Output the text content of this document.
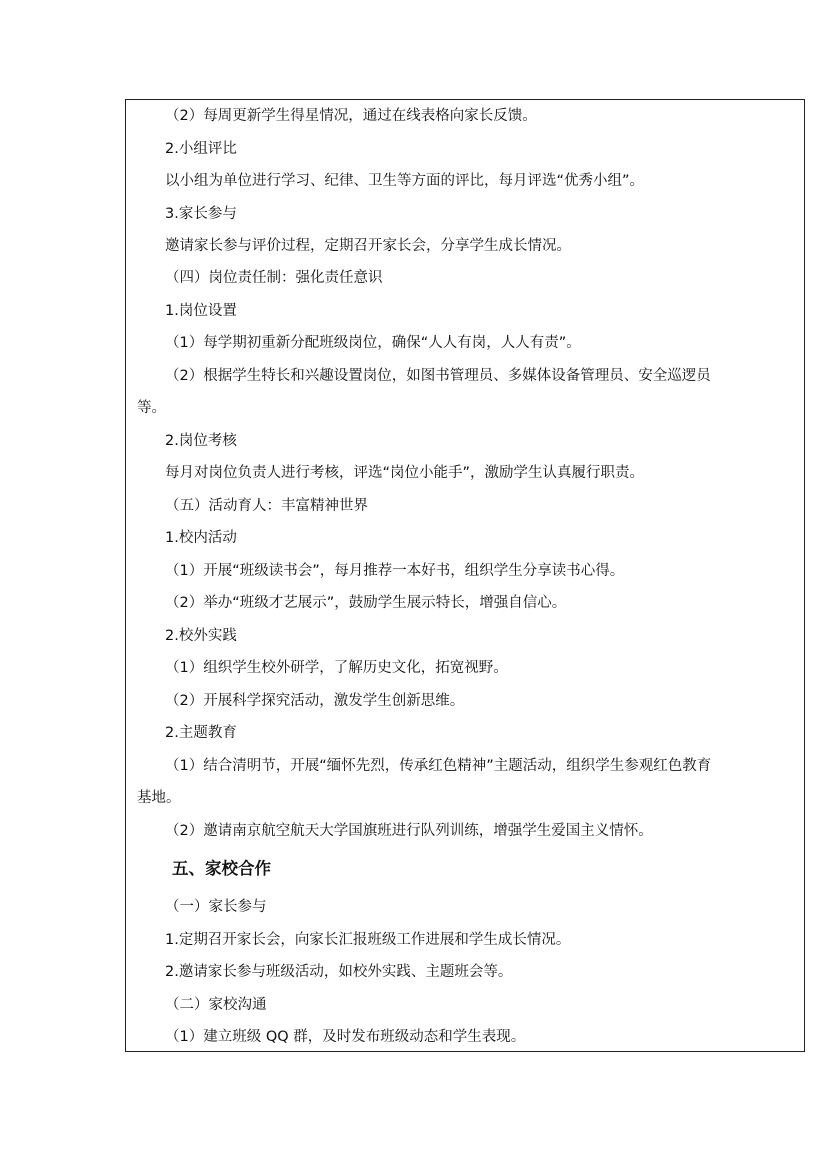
（2）每周更新学生得星情况，通过在线表格向家长反馈。
2.小组评比
以小组为单位进行学习、纪律、卫生等方面的评比，每月评选“优秀小组”。
3.家长参与
邀请家长参与评价过程，定期召开家长会，分享学生成长情况。
（四）岗位责任制：强化责任意识
1.岗位设置
（1）每学期初重新分配班级岗位，确保“人人有岗，人人有责”。
（2）根据学生特长和兴趣设置岗位，如图书管理员、多媒体设备管理员、安全巡逻员
等。
2.岗位考核
每月对岗位负责人进行考核，评选“岗位小能手”，激励学生认真履行职责。
（五）活动育人：丰富精神世界
1.校内活动
（1）开展“班级读书会”，每月推荐一本好书，组织学生分享读书心得。
（2）举办“班级才艺展示”，鼓励学生展示特长，增强自信心。
2.校外实践
（1）组织学生校外研学，了解历史文化，拓宽视野。
（2）开展科学探究活动，激发学生创新思维。
2.主题教育
（1）结合清明节，开展“缅怀先烈，传承红色精神”主题活动，组织学生参观红色教育
基地。
（2）邀请南京航空航天大学国旗班进行队列训练，增强学生爱国主义情怀。
五、家校合作
（一）家长参与
1.定期召开家长会，向家长汇报班级工作进展和学生成长情况。
2.邀请家长参与班级活动，如校外实践、主题班会等。
（二）家校沟通
（1）建立班级 QQ 群，及时发布班级动态和学生表现。
